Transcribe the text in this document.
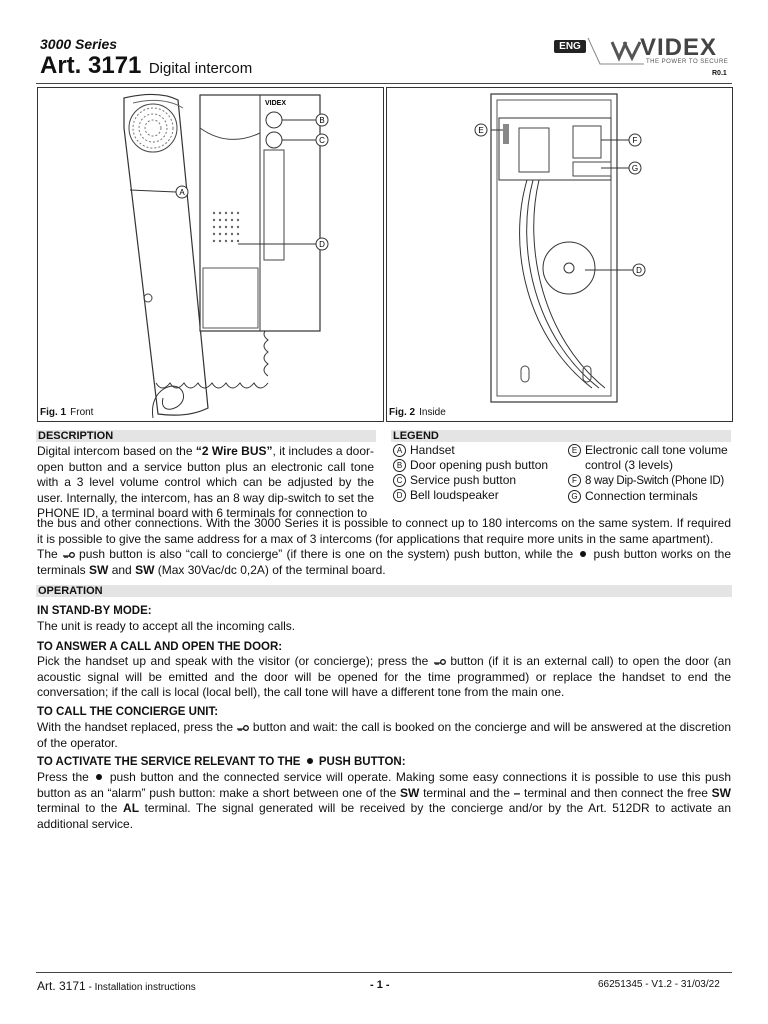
3000 Series
Art. 3171 Digital intercom
ENG VIDEX
THE POWER TO SECURE
R0.1
VIDEX
A
B
C
D
Fig. 1 Front
E
F
G
D
Fig. 2 Inside
DESCRIPTION
Digital intercom based on the “2 Wire BUS”, it includes a door-open button and a service button plus an electronic call tone with a 3 level volume control which can be adjusted by the user. Internally, the intercom, has an 8 way dip-switch to set the PHONE ID, a terminal board with 6 terminals for connection to
the bus and other connections. With the 3000 Series it is possible to connect up to 180 intercoms on the same system. If required it is possible to give the same address for a max of 3 intercoms (for applications that require more units in the same apartment).
The  push button is also “call to concierge” (if there is one on the system) push button, while the  push button works on the terminals SW and SW (Max 30Vac/dc 0,2A) of the terminal board.
LEGEND
A Handset
B Door opening push button
C Service push button
D Bell loudspeaker
E Electronic call tone volume control (3 levels)
F 8 way Dip-Switch (Phone ID)
G Connection terminals
OPERATION
IN STAND-BY MODE:
The unit is ready to accept all the incoming calls.
TO ANSWER A CALL AND OPEN THE DOOR:
Pick the handset up and speak with the visitor (or concierge); press the  button (if it is an external call) to open the door (an acoustic signal will be emitted and the door will be opened for the time programmed) or replace the handset to end the conversation; if the call is local (local bell), the call tone will have a different tone from the main one.
TO CALL THE CONCIERGE UNIT:
With the handset replaced, press the  button and wait: the call is booked on the concierge and will be answered at the discretion of the operator.
TO ACTIVATE THE SERVICE RELEVANT TO THE  PUSH BUTTON:
Press the  push button and the connected service will operate. Making some easy connections it is possible to use this push button as an “alarm” push button: make a short between one of the SW terminal and the – terminal and then connect the free SW terminal to the AL terminal. The signal generated will be received by the concierge and/or by the Art. 512DR to activate an additional service.
Art. 3171 - Installation instructions	- 1 -	66251345 - V1.2 - 31/03/22
